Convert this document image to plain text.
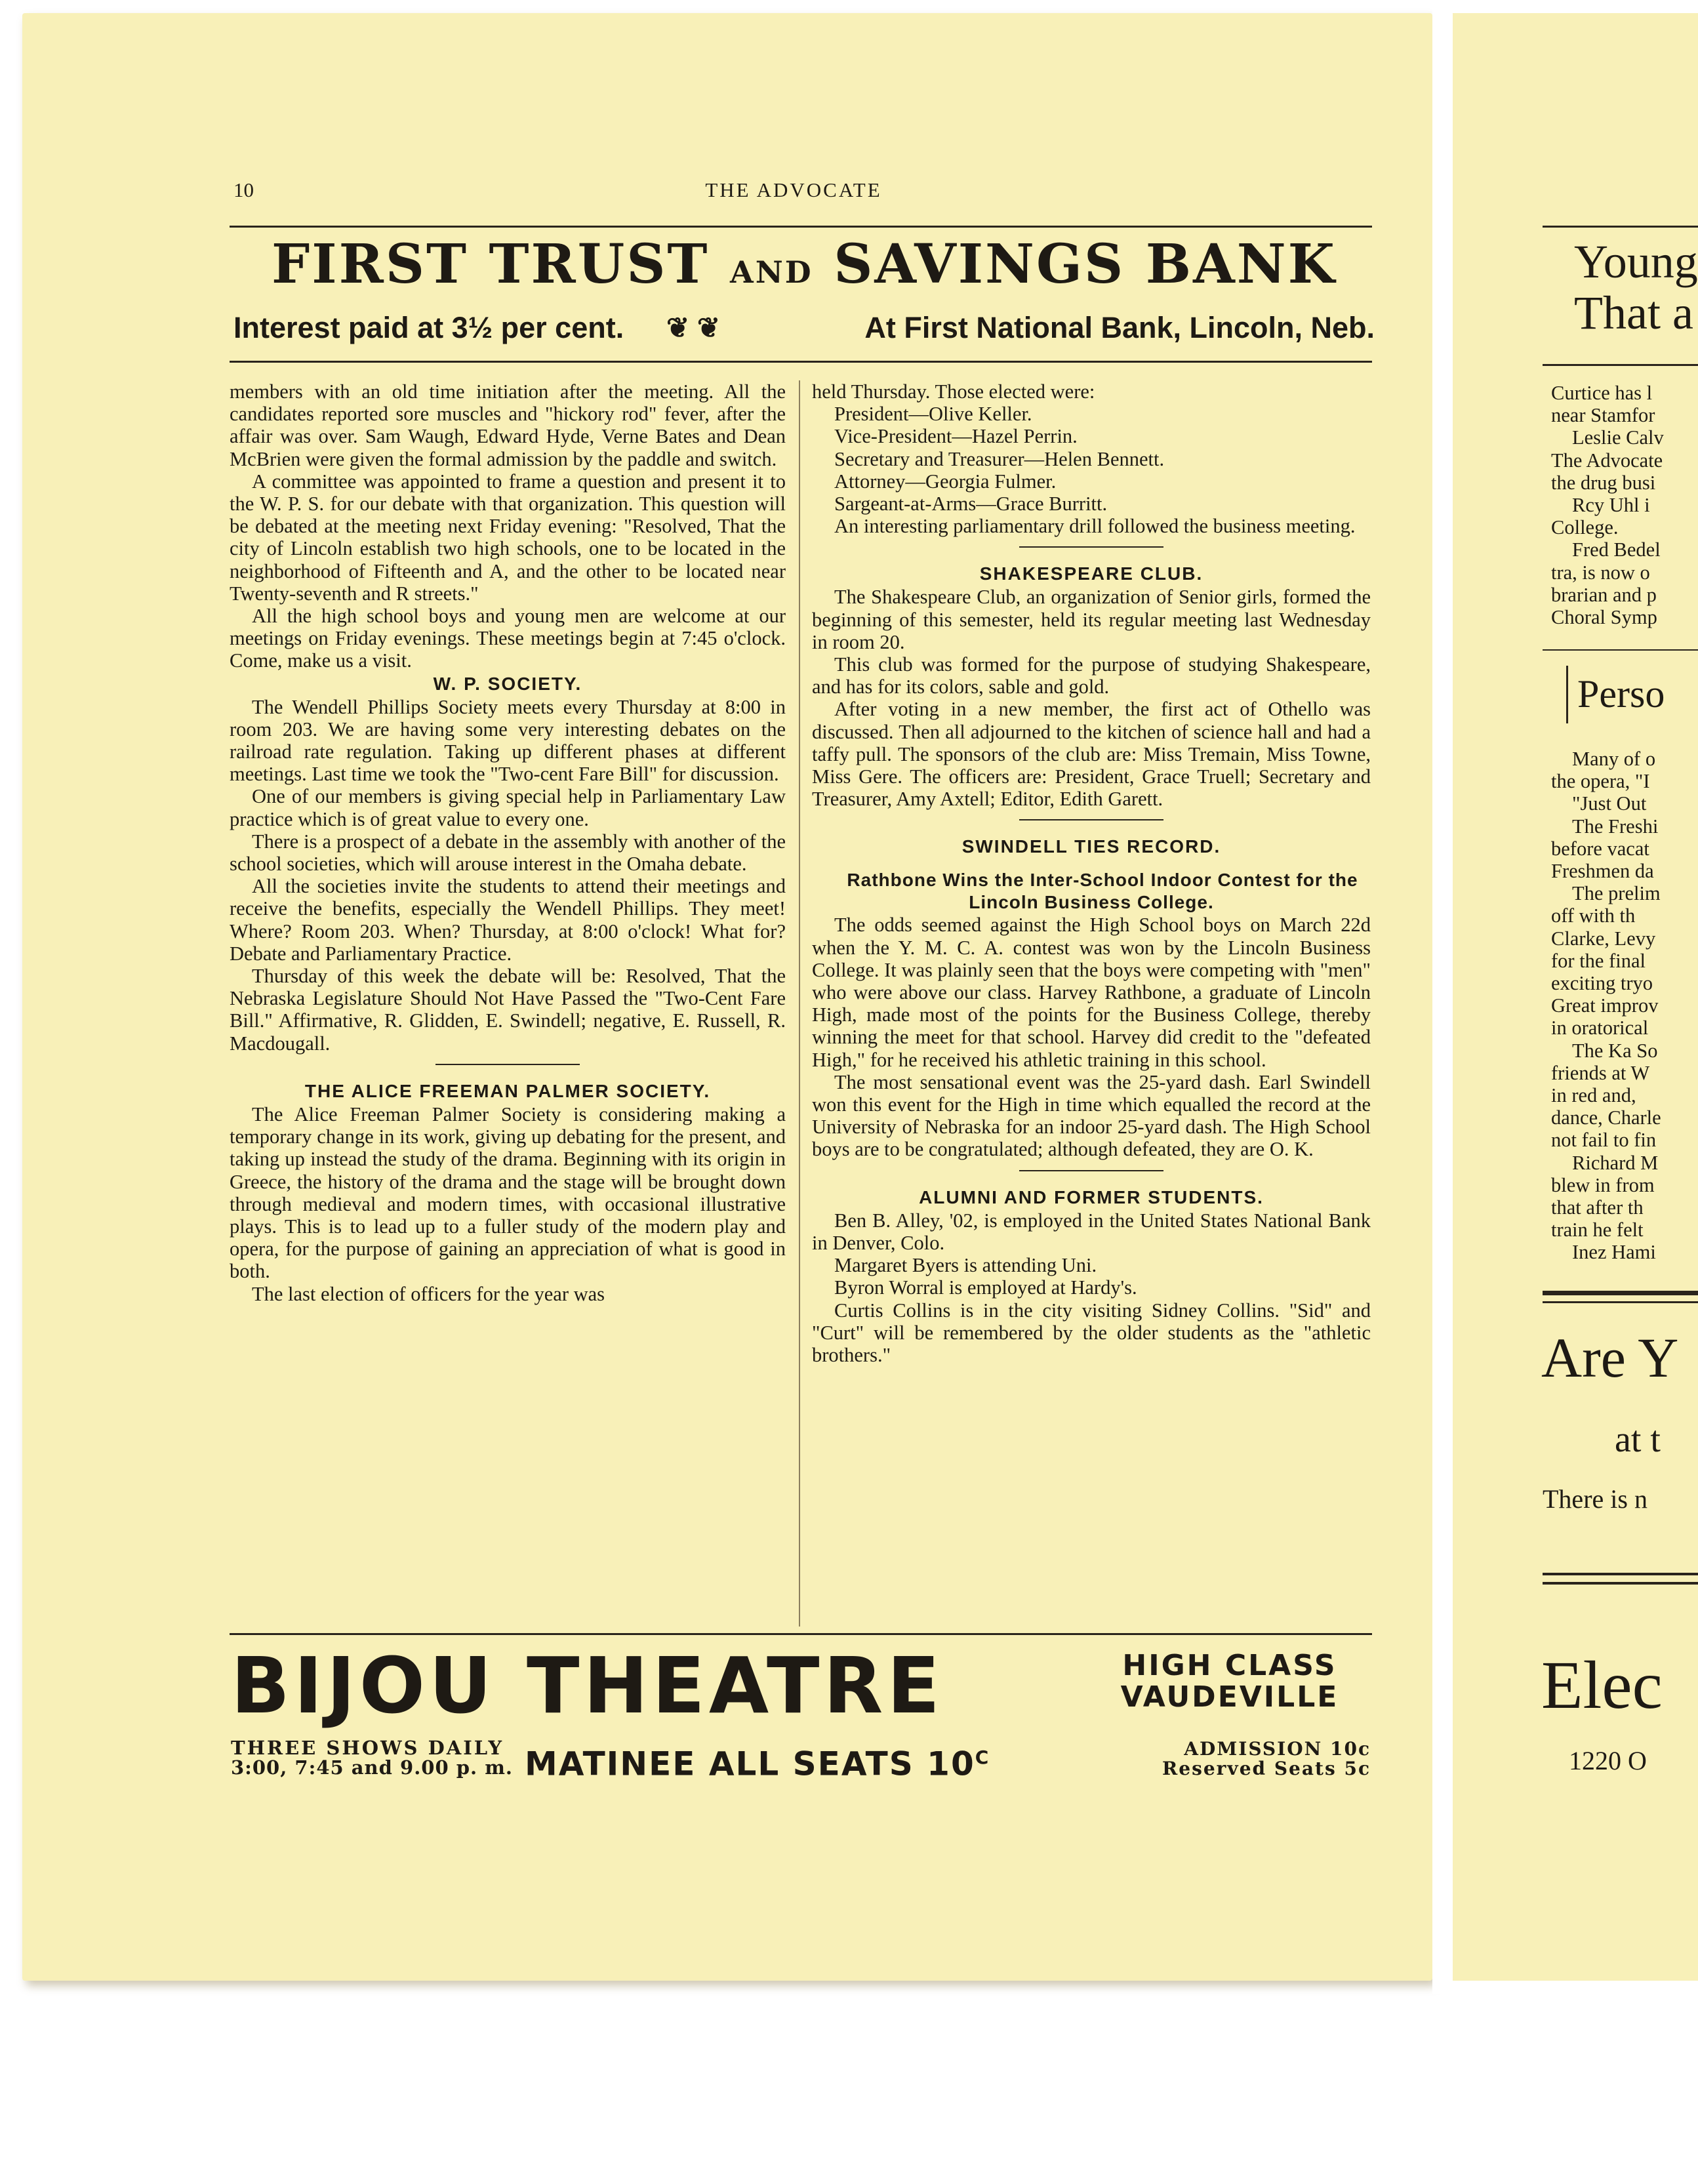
10	THE ADVOCATE
FIRST TRUST AND SAVINGS BANK
Interest paid at 3½ per cent. ❦ ❦	At First National Bank, Lincoln, Neb.

members with an old time initiation after the meeting. All the candidates reported sore muscles and "hickory rod" fever, after the affair was over. Sam Waugh, Edward Hyde, Verne Bates and Dean McBrien were given the formal admission by the paddle and switch.

A committee was appointed to frame a question and present it to the W. P. S. for our debate with that organization. This question will be debated at the meeting next Friday evening: "Resolved, That the city of Lincoln establish two high schools, one to be located in the neighborhood of Fifteenth and A, and the other to be located near Twenty-seventh and R streets."

All the high school boys and young men are welcome at our meetings on Friday evenings. These meetings begin at 7:45 o'clock. Come, make us a visit.

W. P. SOCIETY.

The Wendell Phillips Society meets every Thursday at 8:00 in room 203. We are having some very interesting debates on the railroad rate regulation. Taking up different phases at different meetings. Last time we took the "Two-cent Fare Bill" for discussion.

One of our members is giving special help in Parliamentary Law practice which is of great value to every one.

There is a prospect of a debate in the assembly with another of the school societies, which will arouse interest in the Omaha debate.

All the societies invite the students to attend their meetings and receive the benefits, especially the Wendell Phillips. They meet! Where? Room 203. When? Thursday, at 8:00 o'clock! What for? Debate and Parliamentary Practice.

Thursday of this week the debate will be: Resolved, That the Nebraska Legislature Should Not Have Passed the "Two-Cent Fare Bill." Affirmative, R. Glidden, E. Swindell; negative, E. Russell, R. Macdougall.

THE ALICE FREEMAN PALMER SOCIETY.

The Alice Freeman Palmer Society is considering making a temporary change in its work, giving up debating for the present, and taking up instead the study of the drama. Beginning with its origin in Greece, the history of the drama and the stage will be brought down through medieval and modern times, with occasional illustrative plays. This is to lead up to a fuller study of the modern play and opera, for the purpose of gaining an appreciation of what is good in both.

The last election of officers for the year was

held Thursday. Those elected were:

President—Olive Keller.
Vice-President—Hazel Perrin.
Secretary and Treasurer—Helen Bennett.
Attorney—Georgia Fulmer.
Sargeant-at-Arms—Grace Burritt.

An interesting parliamentary drill followed the business meeting.

SHAKESPEARE CLUB.

The Shakespeare Club, an organization of Senior girls, formed the beginning of this semester, held its regular meeting last Wednesday in room 20.

This club was formed for the purpose of studying Shakespeare, and has for its colors, sable and gold.

After voting in a new member, the first act of Othello was discussed. Then all adjourned to the kitchen of science hall and had a taffy pull. The sponsors of the club are: Miss Tremain, Miss Towne, Miss Gere. The officers are: President, Grace Truell; Secretary and Treasurer, Amy Axtell; Editor, Edith Garett.

SWINDELL TIES RECORD.

Rathbone Wins the Inter-School Indoor Contest for the Lincoln Business College.

The odds seemed against the High School boys on March 22d when the Y. M. C. A. contest was won by the Lincoln Business College. It was plainly seen that the boys were competing with "men" who were above our class. Harvey Rathbone, a graduate of Lincoln High, made most of the points for the Business College, thereby winning the meet for that school. Harvey did credit to the "defeated High," for he received his athletic training in this school.

The most sensational event was the 25-yard dash. Earl Swindell won this event for the High in time which equalled the record at the University of Nebraska for an indoor 25-yard dash. The High School boys are to be congratulated; although defeated, they are O. K.

ALUMNI AND FORMER STUDENTS.

Ben B. Alley, '02, is employed in the United States National Bank in Denver, Colo.

Margaret Byers is attending Uni.

Byron Worral is employed at Hardy's.

Curtis Collins is in the city visiting Sidney Collins. "Sid" and "Curt" will be remembered by the older students as the "athletic brothers."

BIJOU THEATRE	HIGH CLASS
VAUDEVILLE
THREE SHOWS DAILY
3:00, 7:45 and 9.00 p. m. MATINEE ALL SEATS $10^C$	ADMISSION 10c
Reserved Seats 5c
Young
That a
Curtice has l
near Stamfor
Leslie Calv
The Advocate
the drug busi
Rcy Uhl i
College.
Fred Bedel
tra, is now o
brarian and p
Choral Symp
Perso
Many of o
the opera, "I
"Just Out
The Freshi
before vacat
Freshmen da
The prelim
off with th
Clarke, Levy
for the final
exciting tryo
Great improv
in oratorical
The Ka So
friends at W
in red and,
dance, Charle
not fail to fin
Richard M
blew in from
that after th
train he felt
Inez Hami
Are Y
at t
There is n
Elec
1220 O
